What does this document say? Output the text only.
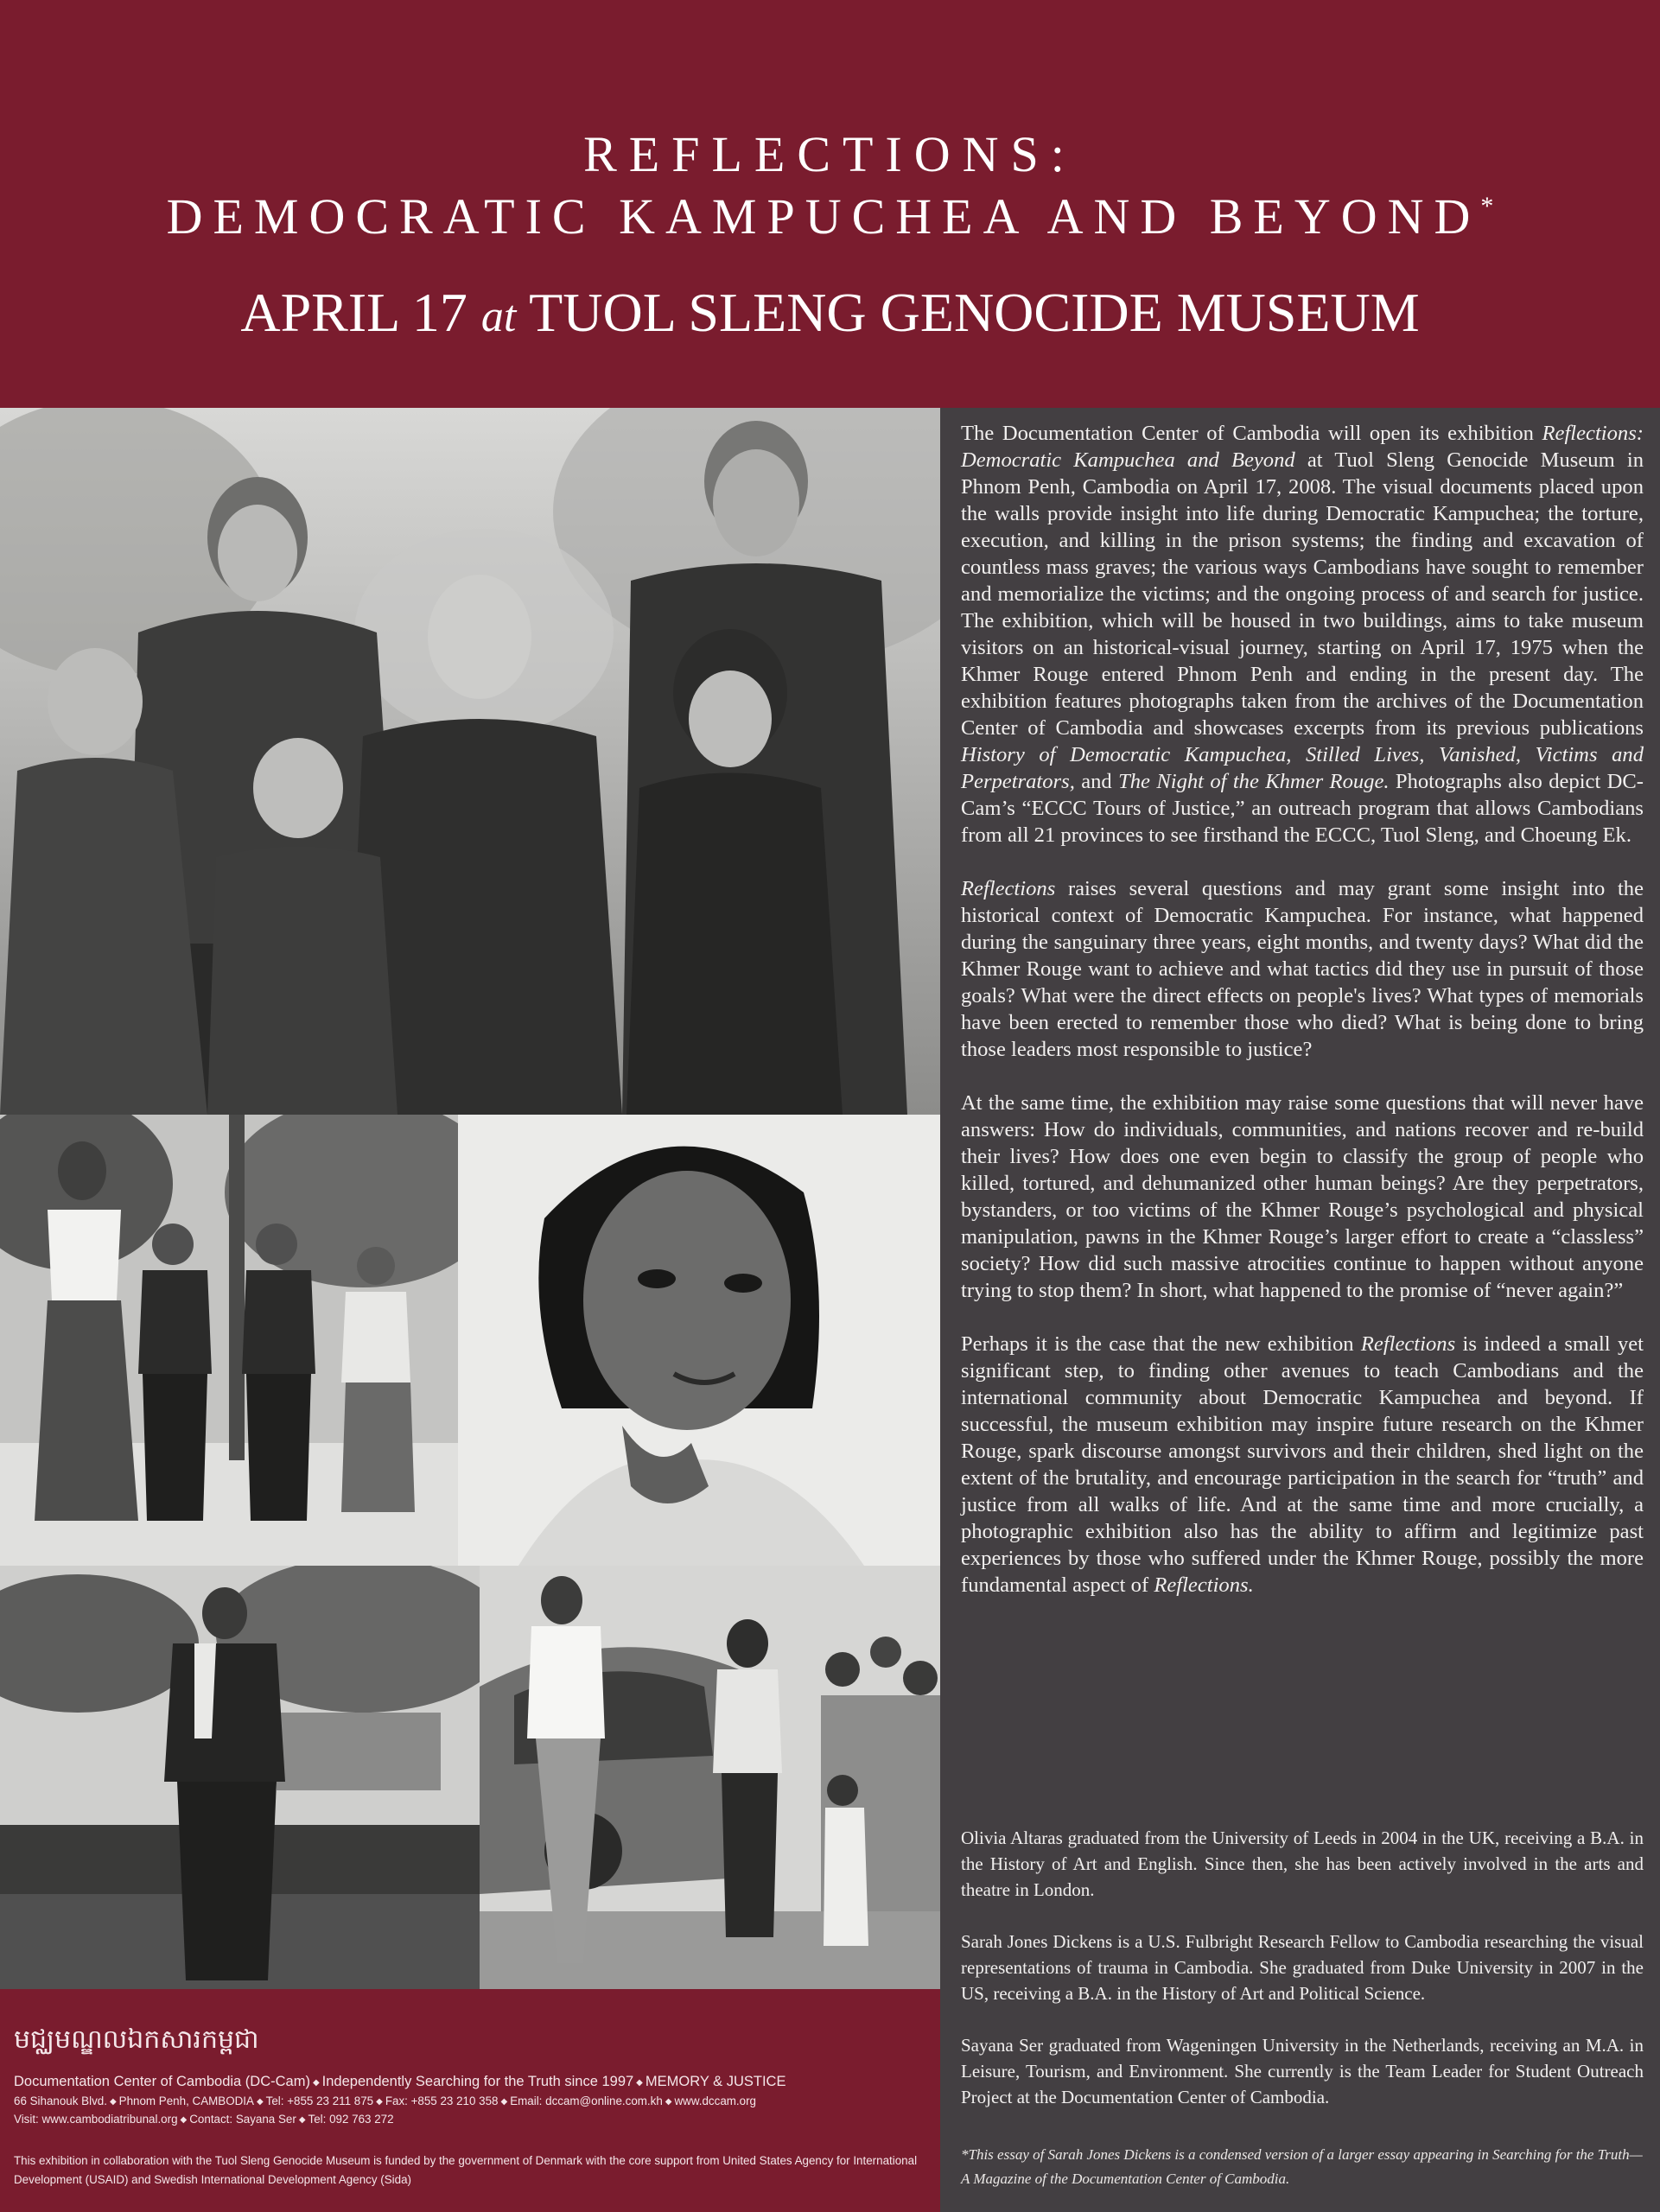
REFLECTIONS:
DEMOCRATIC KAMPUCHEA AND BEYOND*
APRIL 17 at TUOL SLENG GENOCIDE MUSEUM

The Documentation Center of Cambodia will open its exhibition Reflections: Democratic Kampuchea and Beyond at Tuol Sleng Genocide Museum in Phnom Penh, Cambodia on April 17, 2008. The visual documents placed upon the walls provide insight into life during Democratic Kampuchea; the torture, execution, and killing in the prison systems; the finding and excavation of countless mass graves; the various ways Cambodians have sought to remember and memorialize the victims; and the ongoing process of and search for justice. The exhibition, which will be housed in two buildings, aims to take museum visitors on an historical-visual journey, starting on April 17, 1975 when the Khmer Rouge entered Phnom Penh and ending in the present day. The exhibition features photographs taken from the archives of the Documentation Center of Cambodia and showcases excerpts from its previous publications History of Democratic Kampuchea, Stilled Lives, Vanished, Victims and Perpetrators, and The Night of the Khmer Rouge. Photographs also depict DC-Cam’s “ECCC Tours of Justice,” an outreach program that allows Cambodians from all 21 provinces to see firsthand the ECCC, Tuol Sleng, and Choeung Ek.

Reflections raises several questions and may grant some insight into the historical context of Democratic Kampuchea. For instance, what happened during the sanguinary three years, eight months, and twenty days? What did the Khmer Rouge want to achieve and what tactics did they use in pursuit of those goals? What were the direct effects on people's lives? What types of memorials have been erected to remember those who died? What is being done to bring those leaders most responsible to justice?

At the same time, the exhibition may raise some questions that will never have answers: How do individuals, communities, and nations recover and re-build their lives? How does one even begin to classify the group of people who killed, tortured, and dehumanized other human beings? Are they perpetrators, bystanders, or too victims of the Khmer Rouge’s psychological and physical manipulation, pawns in the Khmer Rouge’s larger effort to create a “classless” society? How did such massive atrocities continue to happen without anyone trying to stop them? In short, what happened to the promise of “never again?”

Perhaps it is the case that the new exhibition Reflections is indeed a small yet significant step, to finding other avenues to teach Cambodians and the international community about Democratic Kampuchea and beyond. If successful, the museum exhibition may inspire future research on the Khmer Rouge, spark discourse amongst survivors and their children, shed light on the extent of the brutality, and encourage participation in the search for “truth” and justice from all walks of life. And at the same time and more crucially, a photographic exhibition also has the ability to affirm and legitimize past experiences by those who suffered under the Khmer Rouge, possibly the more fundamental aspect of Reflections.

Olivia Altaras graduated from the University of Leeds in 2004 in the UK, receiving a B.A. in the History of Art and English. Since then, she has been actively involved in the arts and theatre in London.

Sarah Jones Dickens is a U.S. Fulbright Research Fellow to Cambodia researching the visual representations of trauma in Cambodia. She graduated from Duke University in 2007 in the US, receiving a B.A. in the History of Art and Political Science.

Sayana Ser graduated from Wageningen University in the Netherlands, receiving an M.A. in Leisure, Tourism, and Environment. She currently is the Team Leader for Student Outreach Project at the Documentation Center of Cambodia.

*This essay of Sarah Jones Dickens is a condensed version of a larger essay appearing in Searching for the Truth—A Magazine of the Documentation Center of Cambodia.
មជ្ឈមណ្ឌលឯកសារកម្ពុជា
Documentation Center of Cambodia (DC-Cam) ◆ Independently Searching for the Truth since 1997 ◆ MEMORY & JUSTICE
66 Sihanouk Blvd. ◆ Phnom Penh, CAMBODIA ◆ Tel: +855 23 211 875 ◆ Fax: +855 23 210 358 ◆ Email: dccam@online.com.kh ◆ www.dccam.org
Visit: www.cambodiatribunal.org ◆ Contact: Sayana Ser ◆ Tel: 092 763 272
This exhibition in collaboration with the Tuol Sleng Genocide Museum is funded by the government of Denmark with the core support from United States Agency for International Development (USAID) and Swedish International Development Agency (Sida)
